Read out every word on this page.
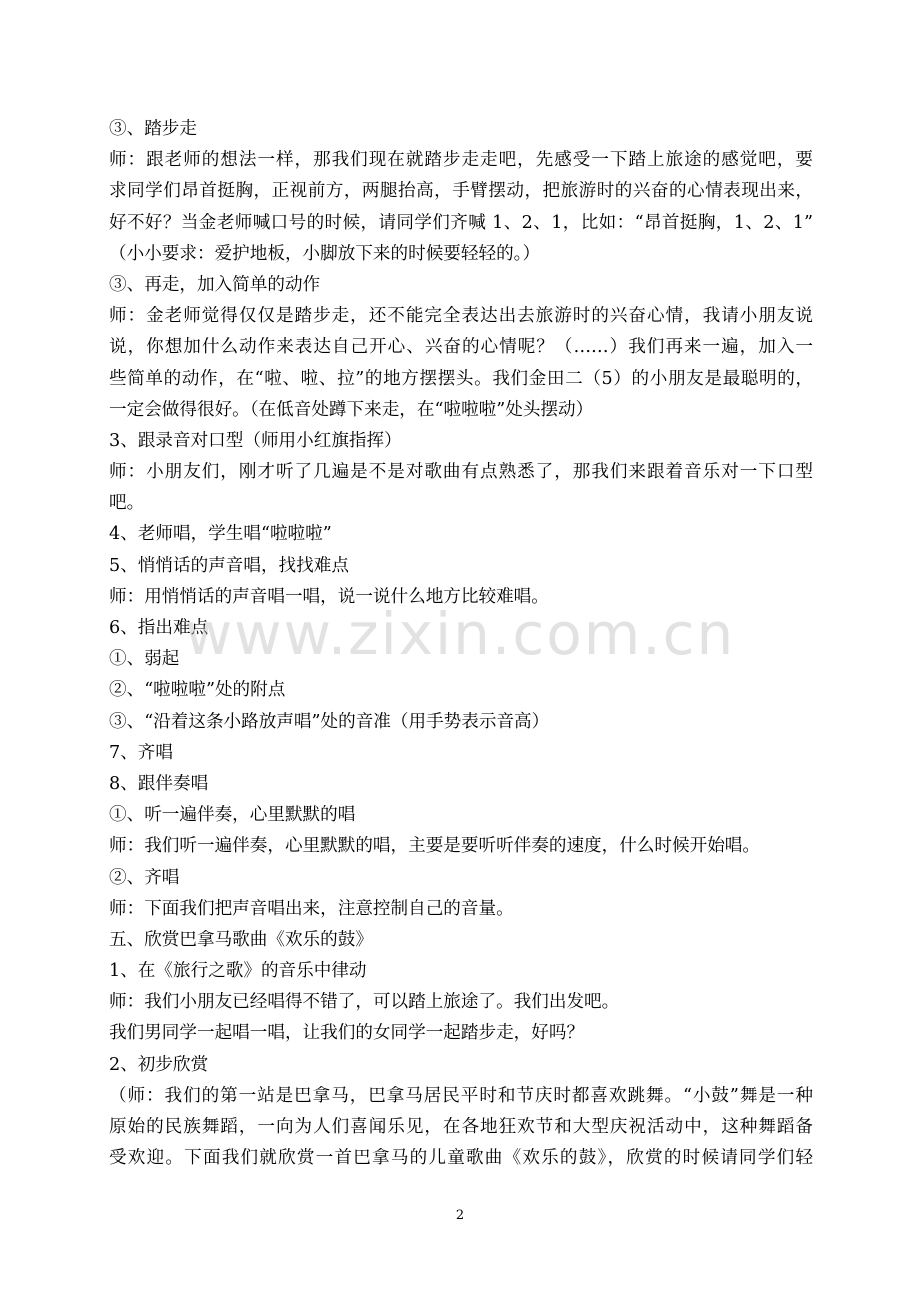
③、踏步走
师：跟老师的想法一样，那我们现在就踏步走走吧，先感受一下踏上旅途的感觉吧，要
求同学们昂首挺胸，正视前方，两腿抬高，手臂摆动，把旅游时的兴奋的心情表现出来，
好不好？当金老师喊口号的时候，请同学们齐喊 1、2、1，比如：“昂首挺胸，1、2、1”
（小小要求：爱护地板，小脚放下来的时候要轻轻的。）
③、再走，加入简单的动作
师：金老师觉得仅仅是踏步走，还不能完全表达出去旅游时的兴奋心情，我请小朋友说
说，你想加什么动作来表达自己开心、兴奋的心情呢？（……）我们再来一遍，加入一
些简单的动作，在“啦、啦、拉”的地方摆摆头。我们金田二（5）的小朋友是最聪明的，
一定会做得很好。（在低音处蹲下来走，在“啦啦啦”处头摆动）
3、跟录音对口型（师用小红旗指挥）
师：小朋友们，刚才听了几遍是不是对歌曲有点熟悉了，那我们来跟着音乐对一下口型
吧。
4、老师唱，学生唱“啦啦啦”
5、悄悄话的声音唱，找找难点
师：用悄悄话的声音唱一唱，说一说什么地方比较难唱。
6、指出难点
①、弱起
②、“啦啦啦”处的附点
③、“沿着这条小路放声唱”处的音准（用手势表示音高）
7、齐唱
8、跟伴奏唱
①、听一遍伴奏，心里默默的唱
师：我们听一遍伴奏，心里默默的唱，主要是要听听伴奏的速度，什么时候开始唱。
②、齐唱
师：下面我们把声音唱出来，注意控制自己的音量。
五、欣赏巴拿马歌曲《欢乐的鼓》
1、在《旅行之歌》的音乐中律动
师：我们小朋友已经唱得不错了，可以踏上旅途了。我们出发吧。
我们男同学一起唱一唱，让我们的女同学一起踏步走，好吗？
2、初步欣赏
（师：我们的第一站是巴拿马，巴拿马居民平时和节庆时都喜欢跳舞。“小鼓”舞是一种
原始的民族舞蹈，一向为人们喜闻乐见，在各地狂欢节和大型庆祝活动中，这种舞蹈备
受欢迎。下面我们就欣赏一首巴拿马的儿童歌曲《欢乐的鼓》，欣赏的时候请同学们轻
www.zixin.com.cn
2
